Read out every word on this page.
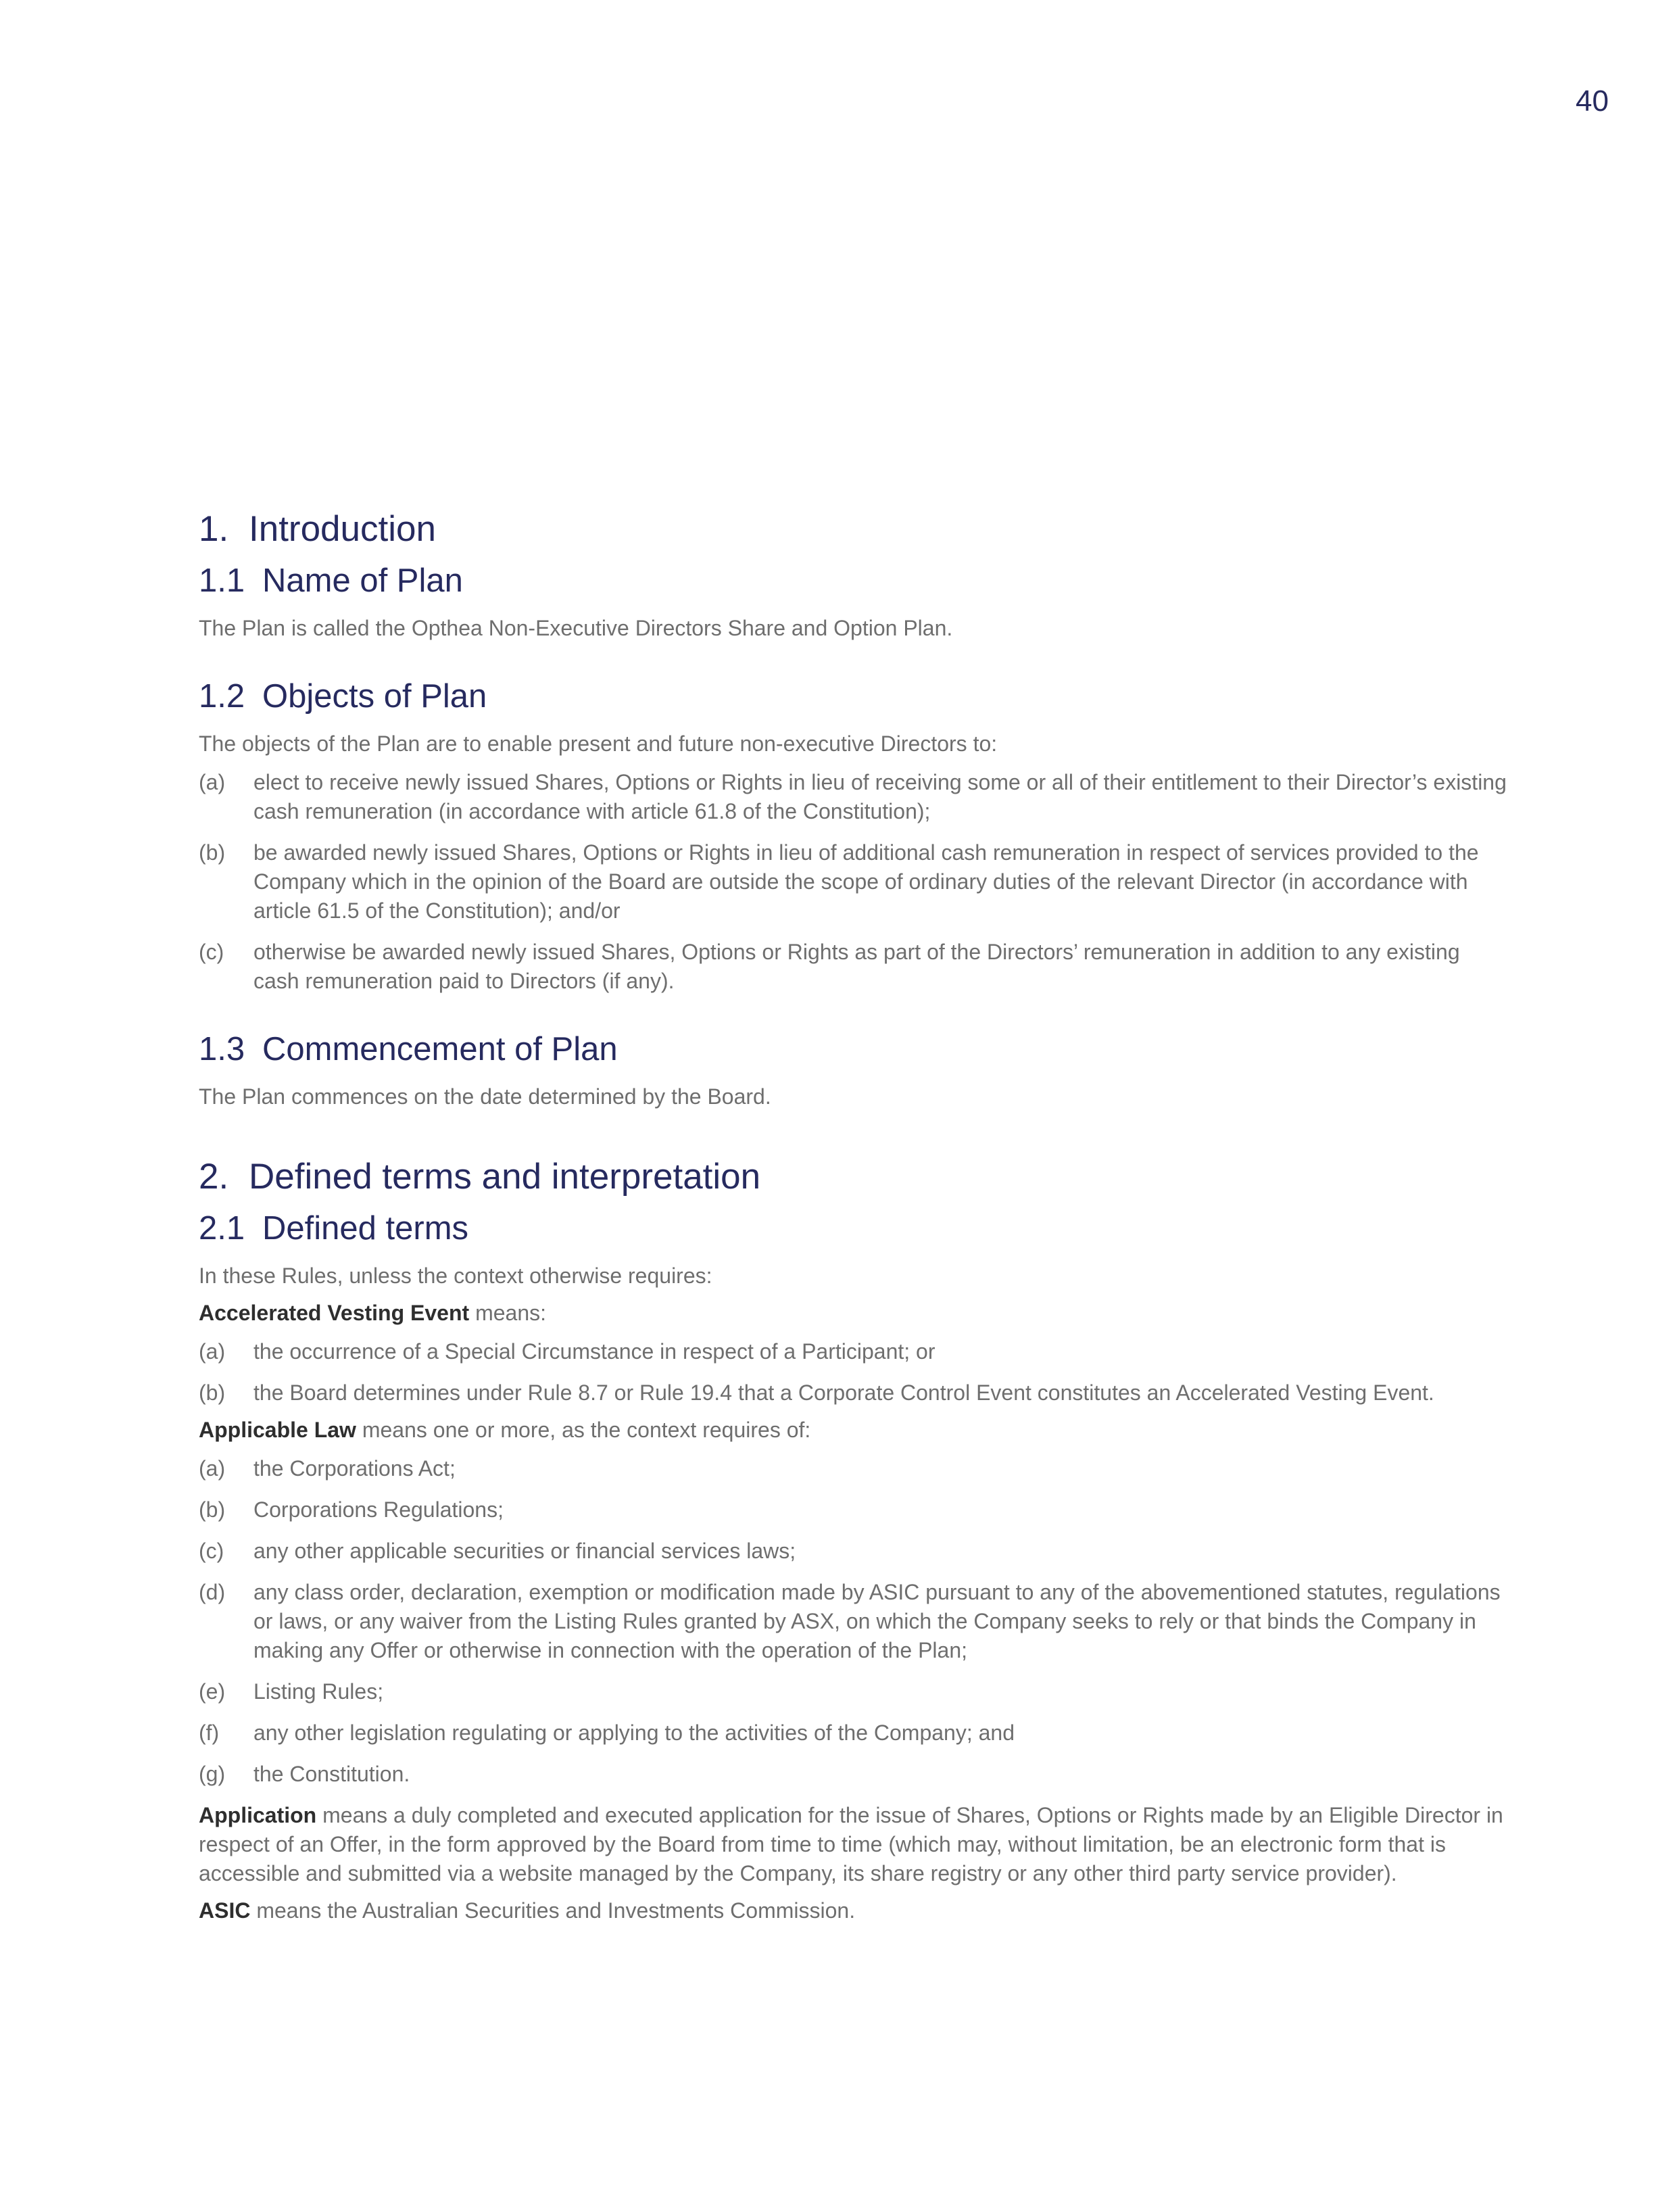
40
1. Introduction
1.1 Name of Plan

The Plan is called the Opthea Non-Executive Directors Share and Option Plan.

1.2 Objects of Plan

The objects of the Plan are to enable present and future non-executive Directors to:

(a) elect to receive newly issued Shares, Options or Rights in lieu of receiving some or all of their entitlement to their Director’s existing cash remuneration (in accordance with article 61.8 of the Constitution);
(b) be awarded newly issued Shares, Options or Rights in lieu of additional cash remuneration in respect of services provided to the Company which in the opinion of the Board are outside the scope of ordinary duties of the relevant Director (in accordance with article 61.5 of the Constitution); and/or
(c) otherwise be awarded newly issued Shares, Options or Rights as part of the Directors’ remuneration in addition to any existing cash remuneration paid to Directors (if any).
1.3 Commencement of Plan

The Plan commences on the date determined by the Board.

2. Defined terms and interpretation
2.1 Defined terms

In these Rules, unless the context otherwise requires:

Accelerated Vesting Event means:

(a) the occurrence of a Special Circumstance in respect of a Participant; or
(b) the Board determines under Rule 8.7 or Rule 19.4 that a Corporate Control Event constitutes an Accelerated Vesting Event.

Applicable Law means one or more, as the context requires of:

(a) the Corporations Act;
(b) Corporations Regulations;
(c) any other applicable securities or financial services laws;
(d) any class order, declaration, exemption or modification made by ASIC pursuant to any of the abovementioned statutes, regulations or laws, or any waiver from the Listing Rules granted by ASX, on which the Company seeks to rely or that binds the Company in making any Offer or otherwise in connection with the operation of the Plan;
(e) Listing Rules;
(f) any other legislation regulating or applying to the activities of the Company; and
(g) the Constitution.

Application means a duly completed and executed application for the issue of Shares, Options or Rights made by an Eligible Director in respect of an Offer, in the form approved by the Board from time to time (which may, without limitation, be an electronic form that is accessible and submitted via a website managed by the Company, its share registry or any other third party service provider).

ASIC means the Australian Securities and Investments Commission.
